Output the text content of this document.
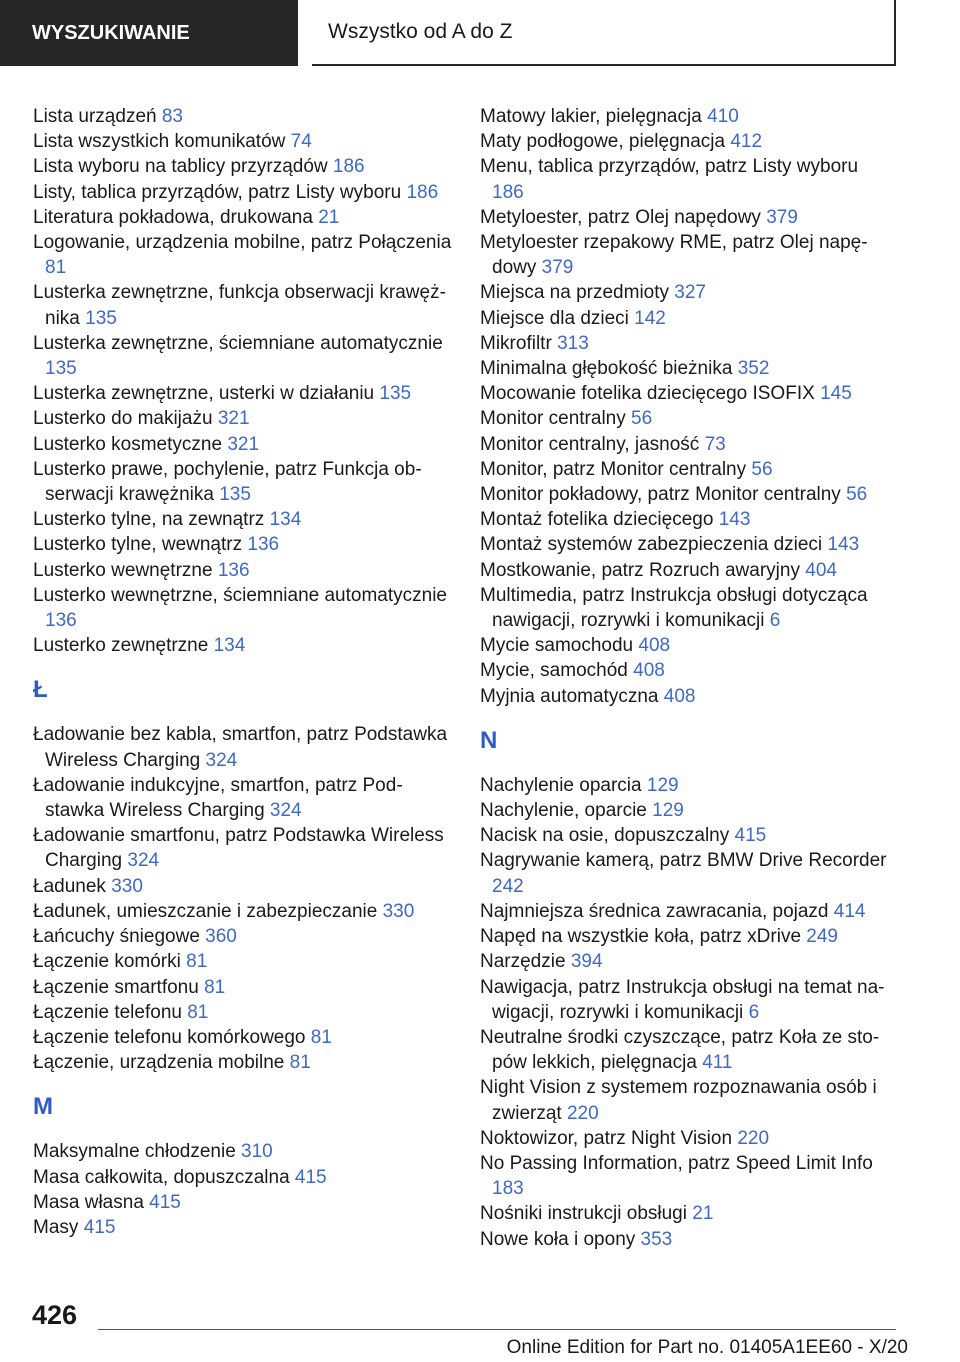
WYSZUKIWANIE	Wszystko od A do Z
Lista urządzeń 83
Lista wszystkich komunikatów 74
Lista wyboru na tablicy przyrządów 186
Listy, tablica przyrządów, patrz Listy wyboru 186
Literatura pokładowa, drukowana 21
Logowanie, urządzenia mobilne, patrz Połączenia 81
Lusterka zewnętrzne, funkcja obserwacji krawężnika 135
Lusterka zewnętrzne, ściemniane automatycznie 135
Lusterka zewnętrzne, usterki w działaniu 135
Lusterko do makijażu 321
Lusterko kosmetyczne 321
Lusterko prawe, pochylenie, patrz Funkcja obserwacji krawężnika 135
Lusterko tylne, na zewnątrz 134
Lusterko tylne, wewnątrz 136
Lusterko wewnętrzne 136
Lusterko wewnętrzne, ściemniane automatycznie 136
Lusterko zewnętrzne 134
Ł
Ładowanie bez kabla, smartfon, patrz Podstawka Wireless Charging 324
Ładowanie indukcyjne, smartfon, patrz Podstawka Wireless Charging 324
Ładowanie smartfonu, patrz Podstawka Wireless Charging 324
Ładunek 330
Ładunek, umieszczanie i zabezpieczanie 330
Łańcuchy śniegowe 360
Łączenie komórki 81
Łączenie smartfonu 81
Łączenie telefonu 81
Łączenie telefonu komórkowego 81
Łączenie, urządzenia mobilne 81
M
Maksymalne chłodzenie 310
Masa całkowita, dopuszczalna 415
Masa własna 415
Masy 415
Matowy lakier, pielęgnacja 410
Maty podłogowe, pielęgnacja 412
Menu, tablica przyrządów, patrz Listy wyboru 186
Metyloester, patrz Olej napędowy 379
Metyloester rzepakowy RME, patrz Olej napędowy 379
Miejsca na przedmioty 327
Miejsce dla dzieci 142
Mikrofiltr 313
Minimalna głębokość bieżnika 352
Mocowanie fotelika dziecięcego ISOFIX 145
Monitor centralny 56
Monitor centralny, jasność 73
Monitor, patrz Monitor centralny 56
Monitor pokładowy, patrz Monitor centralny 56
Montaż fotelika dziecięcego 143
Montaż systemów zabezpieczenia dzieci 143
Mostkowanie, patrz Rozruch awaryjny 404
Multimedia, patrz Instrukcja obsługi dotycząca nawigacji, rozrywki i komunikacji 6
Mycie samochodu 408
Mycie, samochód 408
Myjnia automatyczna 408
N
Nachylenie oparcia 129
Nachylenie, oparcie 129
Nacisk na osie, dopuszczalny 415
Nagrywanie kamerą, patrz BMW Drive Recorder 242
Najmniejsza średnica zawracania, pojazd 414
Napęd na wszystkie koła, patrz xDrive 249
Narzędzie 394
Nawigacja, patrz Instrukcja obsługi na temat nawigacji, rozrywki i komunikacji 6
Neutralne środki czyszczące, patrz Koła ze stopów lekkich, pielęgnacja 411
Night Vision z systemem rozpoznawania osób i zwierząt 220
Noktowizor, patrz Night Vision 220
No Passing Information, patrz Speed Limit Info 183
Nośniki instrukcji obsługi 21
Nowe koła i opony 353
426
Online Edition for Part no. 01405A1EE60 - X/20
